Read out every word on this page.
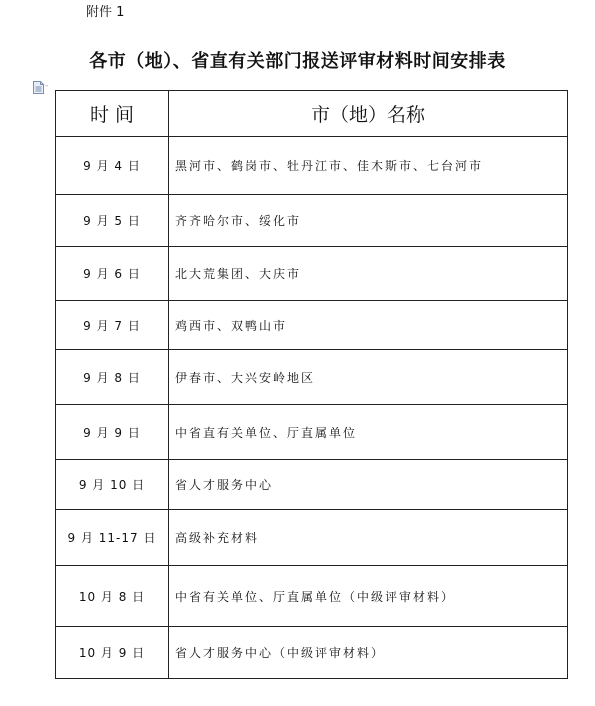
附件 1
各市（地）、省直有关部门报送评审材料时间安排表
-
时 间	市（地）名称
9 月 4 日	黑河市、鹤岗市、牡丹江市、佳木斯市、七台河市
9 月 5 日	齐齐哈尔市、绥化市
9 月 6 日	北大荒集团、大庆市
9 月 7 日	鸡西市、双鸭山市
9 月 8 日	伊春市、大兴安岭地区
9 月 9 日	中省直有关单位、厅直属单位
9 月 10 日	省人才服务中心
9 月 11-17 日	高级补充材料
10 月 8 日	中省有关单位、厅直属单位（中级评审材料）
10 月 9 日	省人才服务中心（中级评审材料）
